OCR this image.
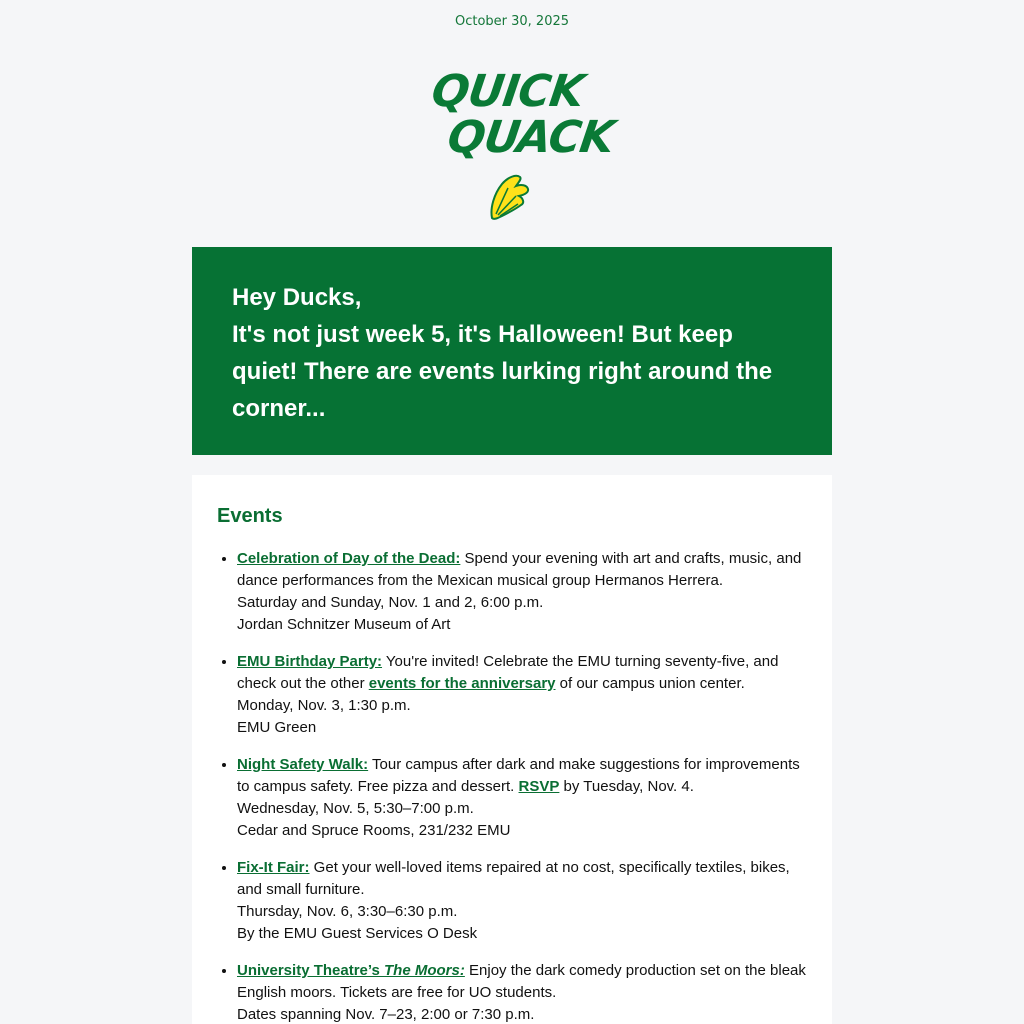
October 30, 2025
QUICK
QUACK

Hey Ducks,

It's not just week 5, it's Halloween! But keep quiet! There are events lurking right around the corner...

Events
• Celebration of Day of the Dead: Spend your evening with art and crafts, music, and dance performances from the Mexican musical group Hermanos Herrera.
Saturday and Sunday, Nov. 1 and 2, 6:00 p.m.
Jordan Schnitzer Museum of Art
• EMU Birthday Party: You're invited! Celebrate the EMU turning seventy-five, and check out the other events for the anniversary of our campus union center.
Monday, Nov. 3, 1:30 p.m.
EMU Green
• Night Safety Walk: Tour campus after dark and make suggestions for improvements to campus safety. Free pizza and dessert. RSVP by Tuesday, Nov. 4.
Wednesday, Nov. 5, 5:30–7:00 p.m.
Cedar and Spruce Rooms, 231/232 EMU
• Fix-It Fair: Get your well-loved items repaired at no cost, specifically textiles, bikes, and small furniture.
Thursday, Nov. 6, 3:30–6:30 p.m.
By the EMU Guest Services O Desk
• University Theatre’s The Moors: Enjoy the dark comedy production set on the bleak English moors. Tickets are free for UO students.
Dates spanning Nov. 7–23, 2:00 or 7:30 p.m.
